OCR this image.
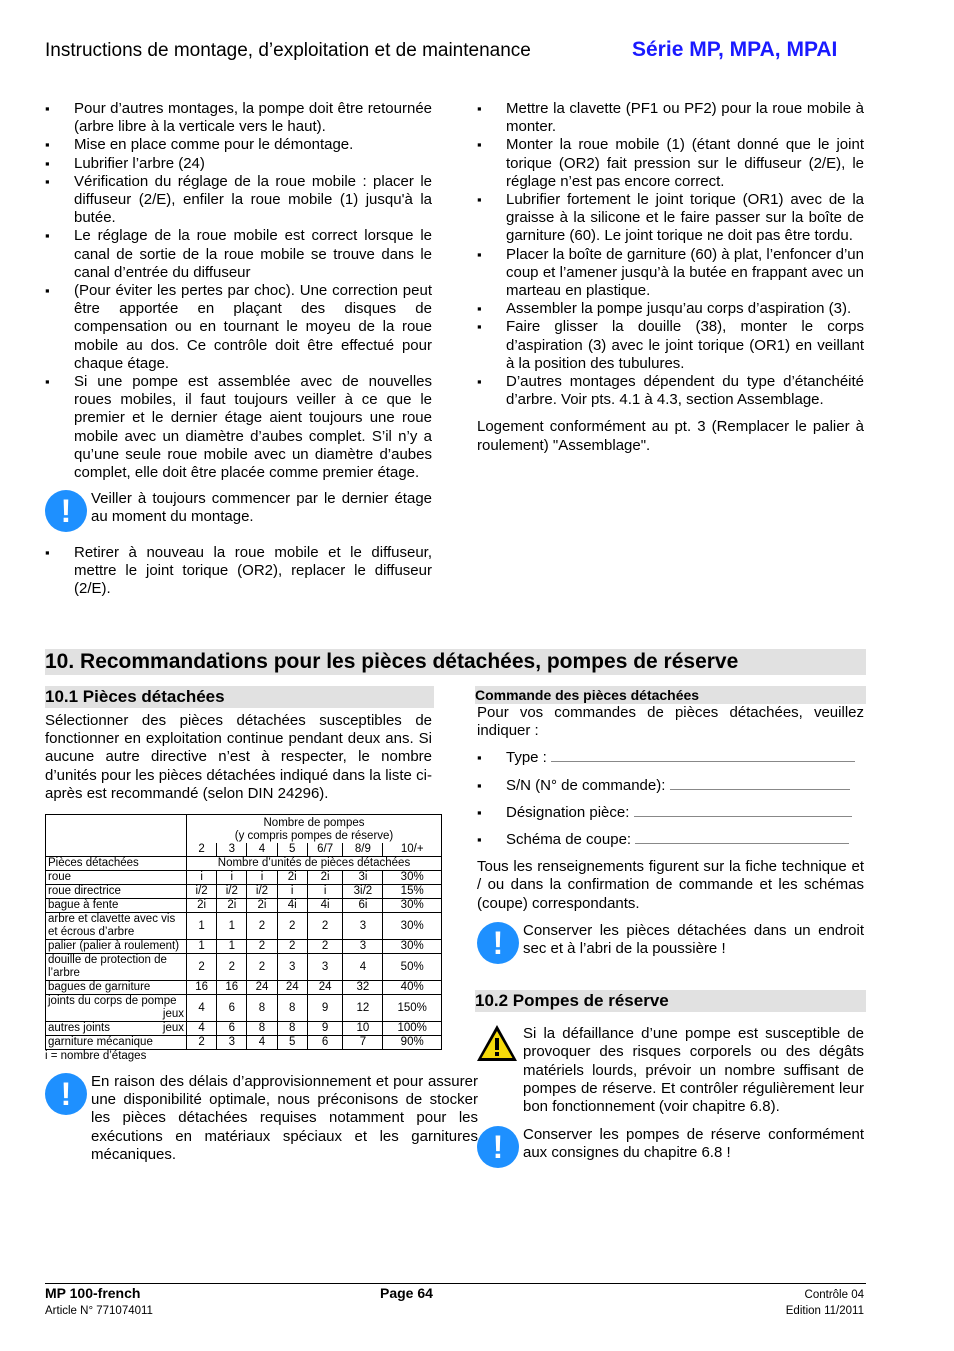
Instructions de montage, d’exploitation et de maintenance	Série MP, MPA, MPAI
▪ Pour d’autres montages, la pompe doit être retournée (arbre libre à la verticale vers le haut).
▪ Mise en place comme pour le démontage.
▪ Lubrifier l’arbre (24)
▪ Vérification du réglage de la roue mobile : placer le diffuseur (2/E), enfiler la roue mobile (1) jusqu'à la butée.
▪ Le réglage de la roue mobile est correct lorsque le canal de sortie de la roue mobile se trouve dans le canal d’entrée du diffuseur
▪ (Pour éviter les pertes par choc). Une correction peut être apportée en plaçant des disques de compensation ou en tournant le moyeu de la roue mobile au dos. Ce contrôle doit être effectué pour chaque étage.
▪ Si une pompe est assemblée avec de nouvelles roues mobiles, il faut toujours veiller à ce que le premier et le dernier étage aient toujours une roue mobile avec un diamètre d’aubes complet. S’il n’y a qu’une seule roue mobile avec un diamètre d’aubes complet, elle doit être placée comme premier étage.
!	Veiller à toujours commencer par le dernier étage au moment du montage.
▪ Retirer à nouveau la roue mobile et le diffuseur, mettre le joint torique (OR2), replacer le diffuseur (2/E).
▪ Mettre la clavette (PF1 ou PF2) pour la roue mobile à monter.
▪ Monter la roue mobile (1) (étant donné que le joint torique (OR2) fait pression sur le diffuseur (2/E), le réglage n’est pas encore correct.
▪ Lubrifier fortement le joint torique (OR1) avec de la graisse à la silicone et le faire passer sur la boîte de garniture (60). Le joint torique ne doit pas être tordu.
▪ Placer la boîte de garniture (60) à plat, l’enfoncer d’un coup et l’amener jusqu’à la butée en frappant avec un marteau en plastique.
▪ Assembler la pompe jusqu’au corps d’aspiration (3).
▪ Faire glisser la douille (38), monter le corps d’aspiration (3) avec le joint torique (OR1) en veillant à la position des tubulures.
▪ D’autres montages dépendent du type d’étanchéité d’arbre. Voir pts. 4.1 à 4.3, section Assemblage.
Logement conformément au pt. 3 (Remplacer le palier à roulement) "Assemblage".
10. Recommandations pour les pièces détachées, pompes de réserve
10.1 Pièces détachées
Sélectionner des pièces détachées susceptibles de fonctionner en exploitation continue pendant deux ans. Si aucune autre directive n’est à respecter, le nombre d’unités pour les pièces détachées indiqué dans la liste ci-après est recommandé (selon DIN 24296).

	Nombre de pompes
(y compris pompes de réserve)						

	2	3	4	5	6/7	8/9	10/+
Pièces détachées	Nombre d’unités de pièces détachées						
roue	i	i	i	2i	2i	3i	30%
roue directrice	i/2	i/2	i/2	i	i	3i/2	15%
bague à fente	2i	2i	2i	4i	4i	6i	30%
arbre et clavette avec vis et écrous d’arbre	1	1	2	2	2	3	30%
palier (palier à roulement)	1	1	2	2	2	3	30%
douille de protection de l’arbre	2	2	2	3	3	4	50%
bagues de garniture	16	16	24	24	24	32	40%
joints du corps de pompe
jeux	4	6	8	8	9	12	150%
autres joints jeux	4	6	8	8	9	10	100%
garniture mécanique	2	3	4	5	6	7	90%
i = nombre d’étages
!	En raison des délais d’approvisionnement et pour assurer une disponibilité optimale, nous préconisons de stocker les pièces détachées requises notamment pour les exécutions en matériaux spéciaux et les garnitures mécaniques.
Commande des pièces détachées
Pour vos commandes de pièces détachées, veuillez indiquer :
▪ Type :
▪ S/N (N° de commande):
▪ Désignation pièce:
▪ Schéma de coupe:
Tous les renseignements figurent sur la fiche technique et / ou dans la confirmation de commande et les schémas (coupe) correspondants.
!	Conserver les pièces détachées dans un endroit sec et à l’abri de la poussière !
10.2 Pompes de réserve
Si la défaillance d’une pompe est susceptible de provoquer des risques corporels ou des dégâts matériels lourds, prévoir un nombre suffisant de pompes de réserve. Et contrôler régulièrement leur bon fonctionnement (voir chapitre 6.8).
!	Conserver les pompes de réserve conformément aux consignes du chapitre 6.8 !
MP 100-french
Article N° 771074011
Page 64	Contrôle 04
Edition 11/2011
